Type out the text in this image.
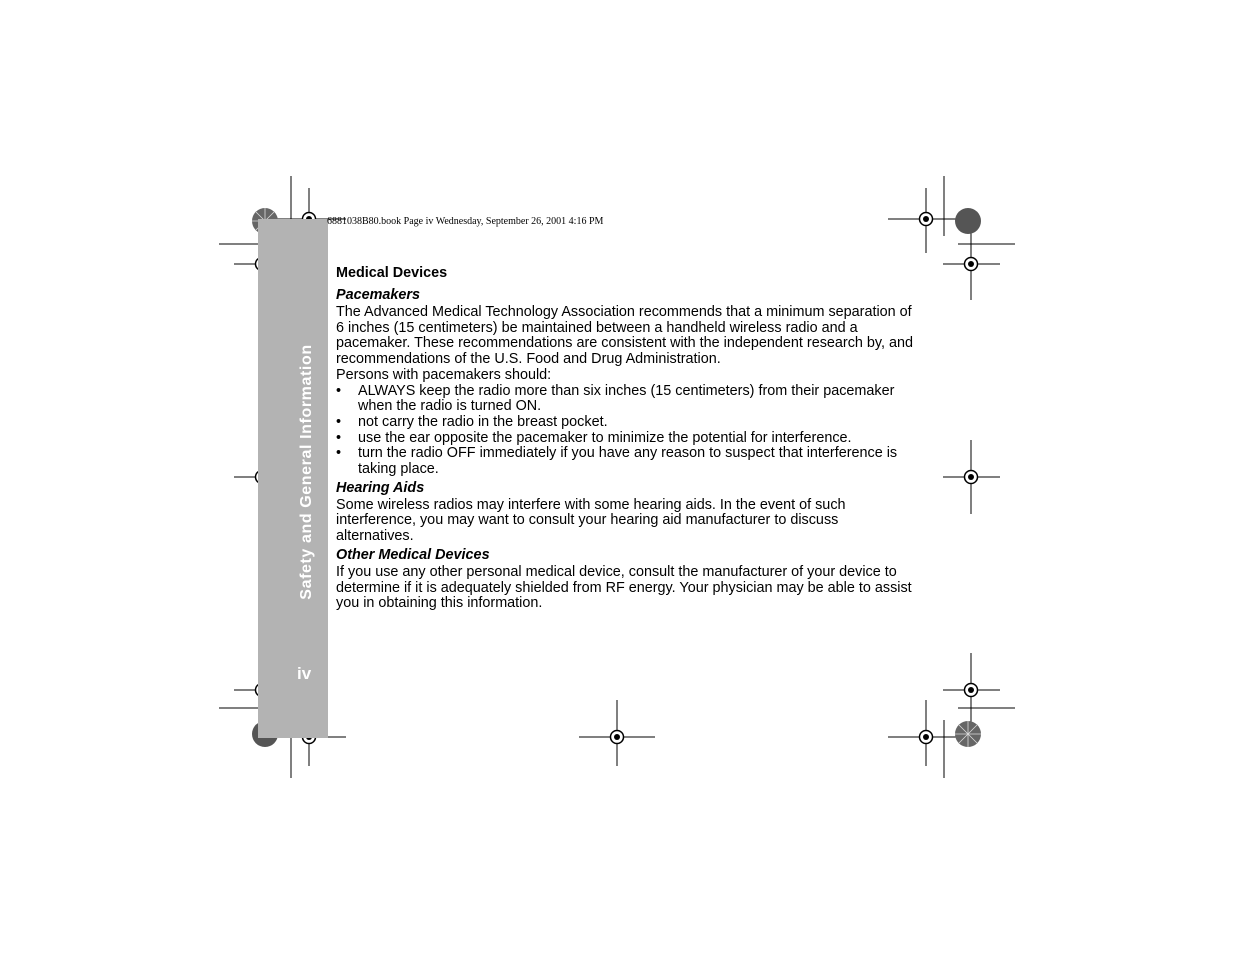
Safety and General Information
iv
6881038B80.book Page iv Wednesday, September 26, 2001 4:16 PM
Medical Devices
Pacemakers

The Advanced Medical Technology Association recommends that a minimum separation of 6 inches (15 centimeters) be maintained between a handheld wireless radio and a pacemaker. These recommendations are consistent with the independent research by, and recommendations of the U.S. Food and Drug Administration.

Persons with pacemakers should:

• ALWAYS keep the radio more than six inches (15 centimeters) from their pacemaker when the radio is turned ON.
• not carry the radio in the breast pocket.
• use the ear opposite the pacemaker to minimize the potential for interference.
• turn the radio OFF immediately if you have any reason to suspect that interference is taking place.
Hearing Aids

Some wireless radios may interfere with some hearing aids. In the event of such interference, you may want to consult your hearing aid manufacturer to discuss alternatives.

Other Medical Devices

If you use any other personal medical device, consult the manufacturer of your device to determine if it is adequately shielded from RF energy. Your physician may be able to assist you in obtaining this information.
